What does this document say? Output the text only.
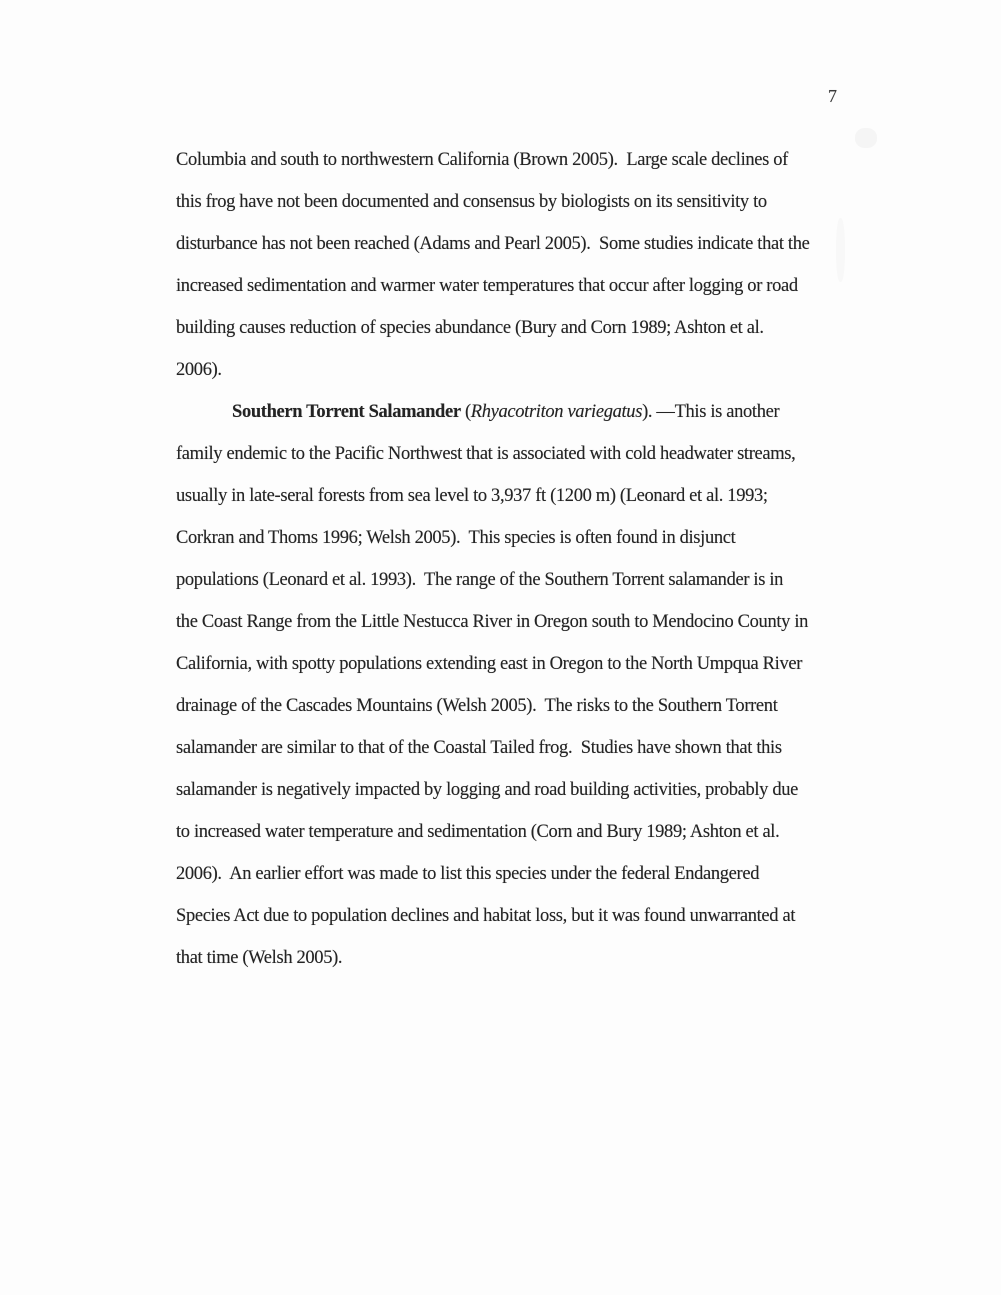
7
Columbia and south to northwestern California (Brown 2005).  Large scale declines of
this frog have not been documented and consensus by biologists on its sensitivity to
disturbance has not been reached (Adams and Pearl 2005).  Some studies indicate that the
increased sedimentation and warmer water temperatures that occur after logging or road
building causes reduction of species abundance (Bury and Corn 1989; Ashton et al.
2006).
Southern Torrent Salamander (Rhyacotriton variegatus). —This is another
family endemic to the Pacific Northwest that is associated with cold headwater streams,
usually in late-seral forests from sea level to 3,937 ft (1200 m) (Leonard et al. 1993;
Corkran and Thoms 1996; Welsh 2005).  This species is often found in disjunct
populations (Leonard et al. 1993).  The range of the Southern Torrent salamander is in
the Coast Range from the Little Nestucca River in Oregon south to Mendocino County in
California, with spotty populations extending east in Oregon to the North Umpqua River
drainage of the Cascades Mountains (Welsh 2005).  The risks to the Southern Torrent
salamander are similar to that of the Coastal Tailed frog.  Studies have shown that this
salamander is negatively impacted by logging and road building activities, probably due
to increased water temperature and sedimentation (Corn and Bury 1989; Ashton et al.
2006).  An earlier effort was made to list this species under the federal Endangered
Species Act due to population declines and habitat loss, but it was found unwarranted at
that time (Welsh 2005).
